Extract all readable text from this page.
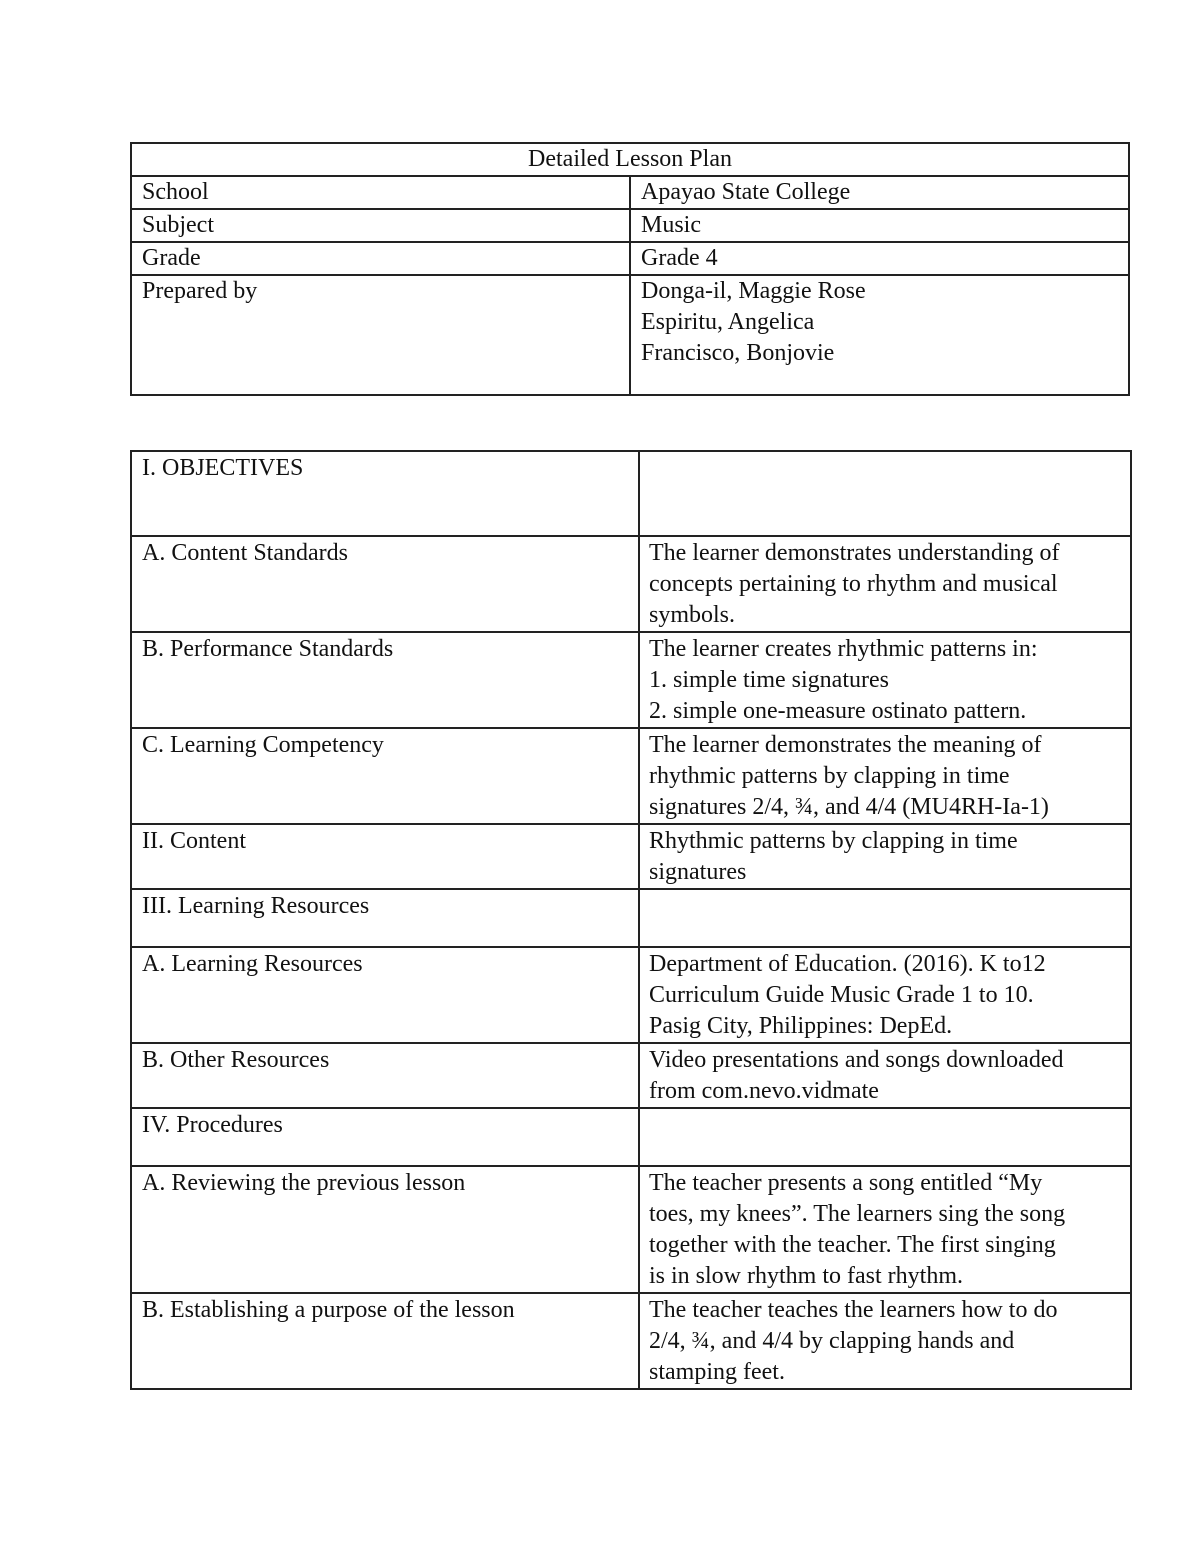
Detailed Lesson Plan	
School	Apayao State College
Subject	Music
Grade	Grade 4
Prepared by	Donga-il, Maggie Rose
Espiritu, Angelica
Francisco, Bonjovie
I. OBJECTIVES	
A. Content Standards	The learner demonstrates understanding of
concepts pertaining to rhythm and musical
symbols.

B. Performance Standards	The learner creates rhythmic patterns in:
1. simple time signatures
2. simple one-measure ostinato pattern.

C. Learning Competency	The learner demonstrates the meaning of
rhythmic patterns by clapping in time
signatures 2/4, ¾, and 4/4 (MU4RH-Ia-1)

II. Content	Rhythmic patterns by clapping in time
signatures

III. Learning Resources	
A. Learning Resources	Department of Education. (2016). K to12
Curriculum Guide Music Grade 1 to 10.
Pasig City, Philippines: DepEd.

B. Other Resources	Video presentations and songs downloaded
from com.nevo.vidmate

IV. Procedures	
A. Reviewing the previous lesson	The teacher presents a song entitled “My
toes, my knees”. The learners sing the song
together with the teacher. The first singing
is in slow rhythm to fast rhythm.

B. Establishing a purpose of the lesson	The teacher teaches the learners how to do
2/4, ¾, and 4/4 by clapping hands and
stamping feet.
